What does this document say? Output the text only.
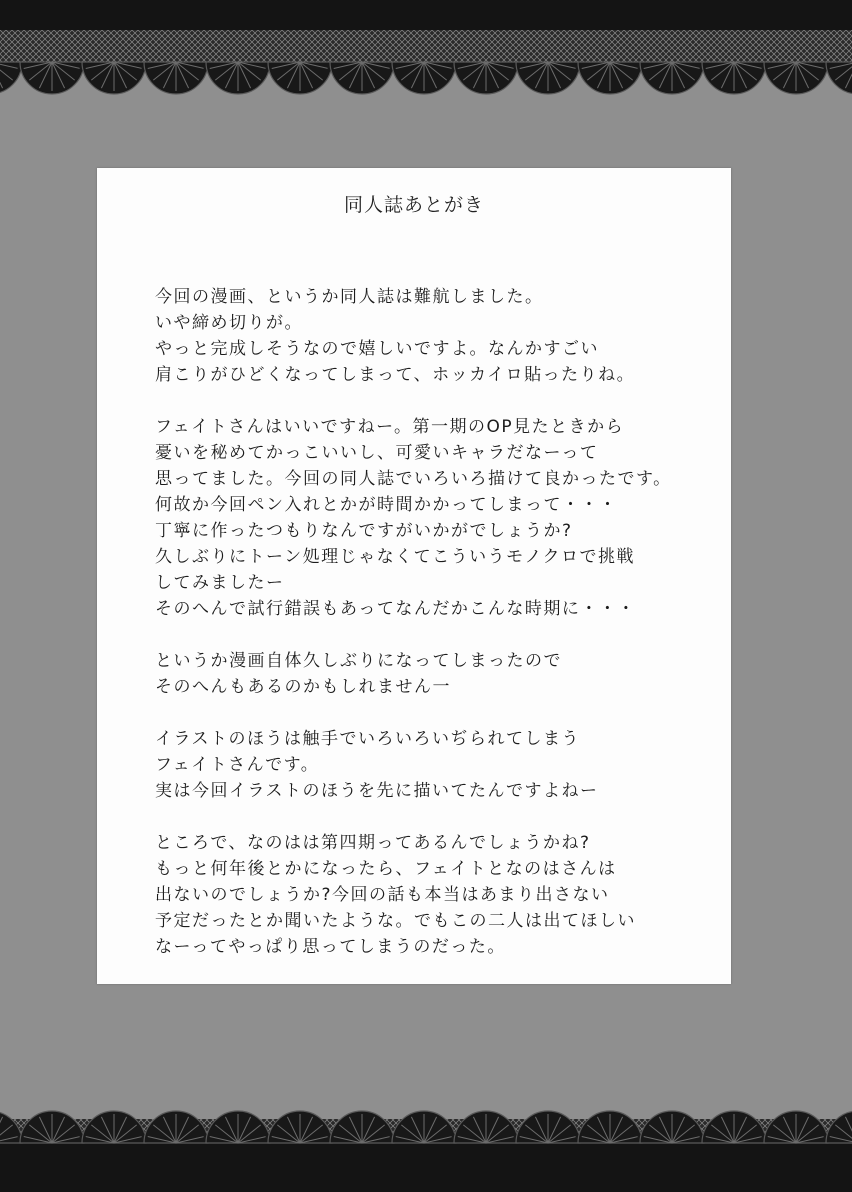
同人誌あとがき
今回の漫画、というか同人誌は難航しました。
いや締め切りが。
やっと完成しそうなので嬉しいですよ。なんかすごい
肩こりがひどくなってしまって、ホッカイロ貼ったりね。
フェイトさんはいいですねー。第一期のOP見たときから
憂いを秘めてかっこいいし、可愛いキャラだなーって
思ってました。今回の同人誌でいろいろ描けて良かったです。
何故か今回ペン入れとかが時間かかってしまって・・・
丁寧に作ったつもりなんですがいかがでしょうか?
久しぶりにトーン処理じゃなくてこういうモノクロで挑戦
してみましたー
そのへんで試行錯誤もあってなんだかこんな時期に・・・
というか漫画自体久しぶりになってしまったので
そのへんもあるのかもしれません一
イラストのほうは触手でいろいろいぢられてしまう
フェイトさんです。
実は今回イラストのほうを先に描いてたんですよねー
ところで、なのはは第四期ってあるんでしょうかね?
もっと何年後とかになったら、フェイトとなのはさんは
出ないのでしょうか?今回の話も本当はあまり出さない
予定だったとか聞いたような。でもこの二人は出てほしい
なーってやっぱり思ってしまうのだった。
